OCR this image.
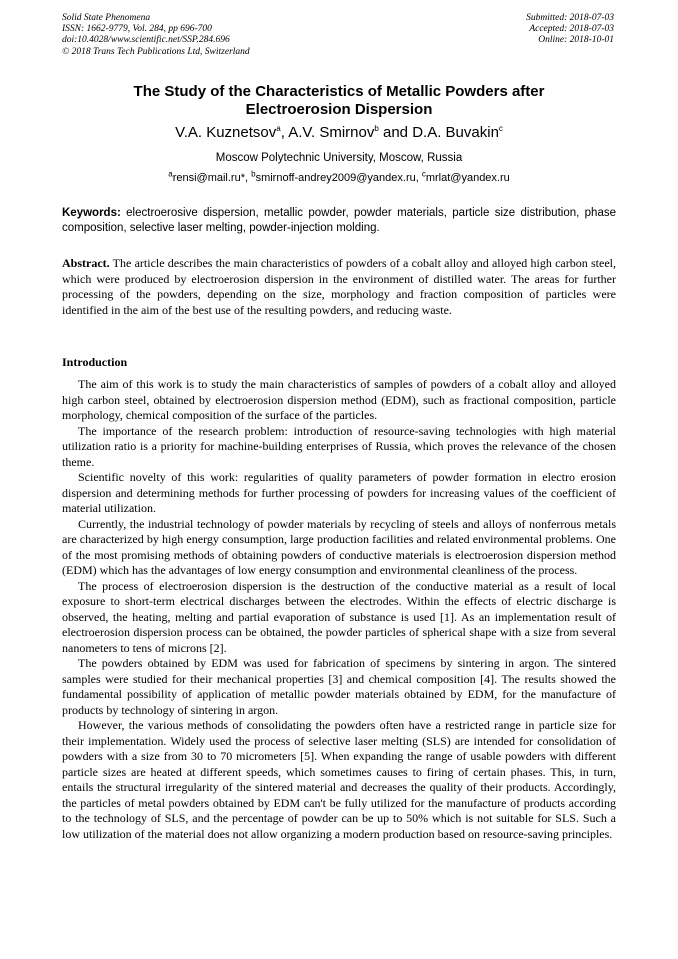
Solid State Phenomena
ISSN: 1662-9779, Vol. 284, pp 696-700
doi:10.4028/www.scientific.net/SSP.284.696
© 2018 Trans Tech Publications Ltd, Switzerland
Submitted: 2018-07-03
Accepted: 2018-07-03
Online: 2018-10-01
The Study of the Characteristics of Metallic Powders after
Electroerosion Dispersion
V.A. Kuznetsov$^a$, A.V. Smirnov$^b$ and D.A. Buvakin$^c$
Moscow Polytechnic University, Moscow, Russia
$^a$rensi@mail.ru*, $^b$smirnoff-andrey2009@yandex.ru, $^c$mrlat@yandex.ru
Keywords: electroerosive dispersion, metallic powder, powder materials, particle size distribution, phase composition, selective laser melting, powder-injection molding.
Abstract. The article describes the main characteristics of powders of a cobalt alloy and alloyed high carbon steel, which were produced by electroerosion dispersion in the environment of distilled water. The areas for further processing of the powders, depending on the size, morphology and fraction composition of particles were identified in the aim of the best use of the resulting powders, and reducing waste.
Introduction

The aim of this work is to study the main characteristics of samples of powders of a cobalt alloy and alloyed high carbon steel, obtained by electroerosion dispersion method (EDM), such as fractional composition, particle morphology, chemical composition of the surface of the particles.

The importance of the research problem: introduction of resource-saving technologies with high material utilization ratio is a priority for machine-building enterprises of Russia, which proves the relevance of the chosen theme.

Scientific novelty of this work: regularities of quality parameters of powder formation in electro erosion dispersion and determining methods for further processing of powders for increasing values of the coefficient of material utilization.

Currently, the industrial technology of powder materials by recycling of steels and alloys of nonferrous metals are characterized by high energy consumption, large production facilities and related environmental problems. One of the most promising methods of obtaining powders of conductive materials is electroerosion dispersion method (EDM) which has the advantages of low energy consumption and environmental cleanliness of the process.

The process of electroerosion dispersion is the destruction of the conductive material as a result of local exposure to short-term electrical discharges between the electrodes. Within the effects of electric discharge is observed, the heating, melting and partial evaporation of substance is used [1]. As an implementation result of electroerosion dispersion process can be obtained, the powder particles of spherical shape with a size from several nanometers to tens of microns [2].

The powders obtained by EDM was used for fabrication of specimens by sintering in argon. The sintered samples were studied for their mechanical properties [3] and chemical composition [4]. The results showed the fundamental possibility of application of metallic powder materials obtained by EDM, for the manufacture of products by technology of sintering in argon.

However, the various methods of consolidating the powders often have a restricted range in particle size for their implementation. Widely used the process of selective laser melting (SLS) are intended for consolidation of powders with a size from 30 to 70 micrometers [5]. When expanding the range of usable powders with different particle sizes are heated at different speeds, which sometimes causes to firing of certain phases. This, in turn, entails the structural irregularity of the sintered material and decreases the quality of their products. Accordingly, the particles of metal powders obtained by EDM can't be fully utilized for the manufacture of products according to the technology of SLS, and the percentage of powder can be up to 50% which is not suitable for SLS. Such a low utilization of the material does not allow organizing a modern production based on resource-saving principles.
